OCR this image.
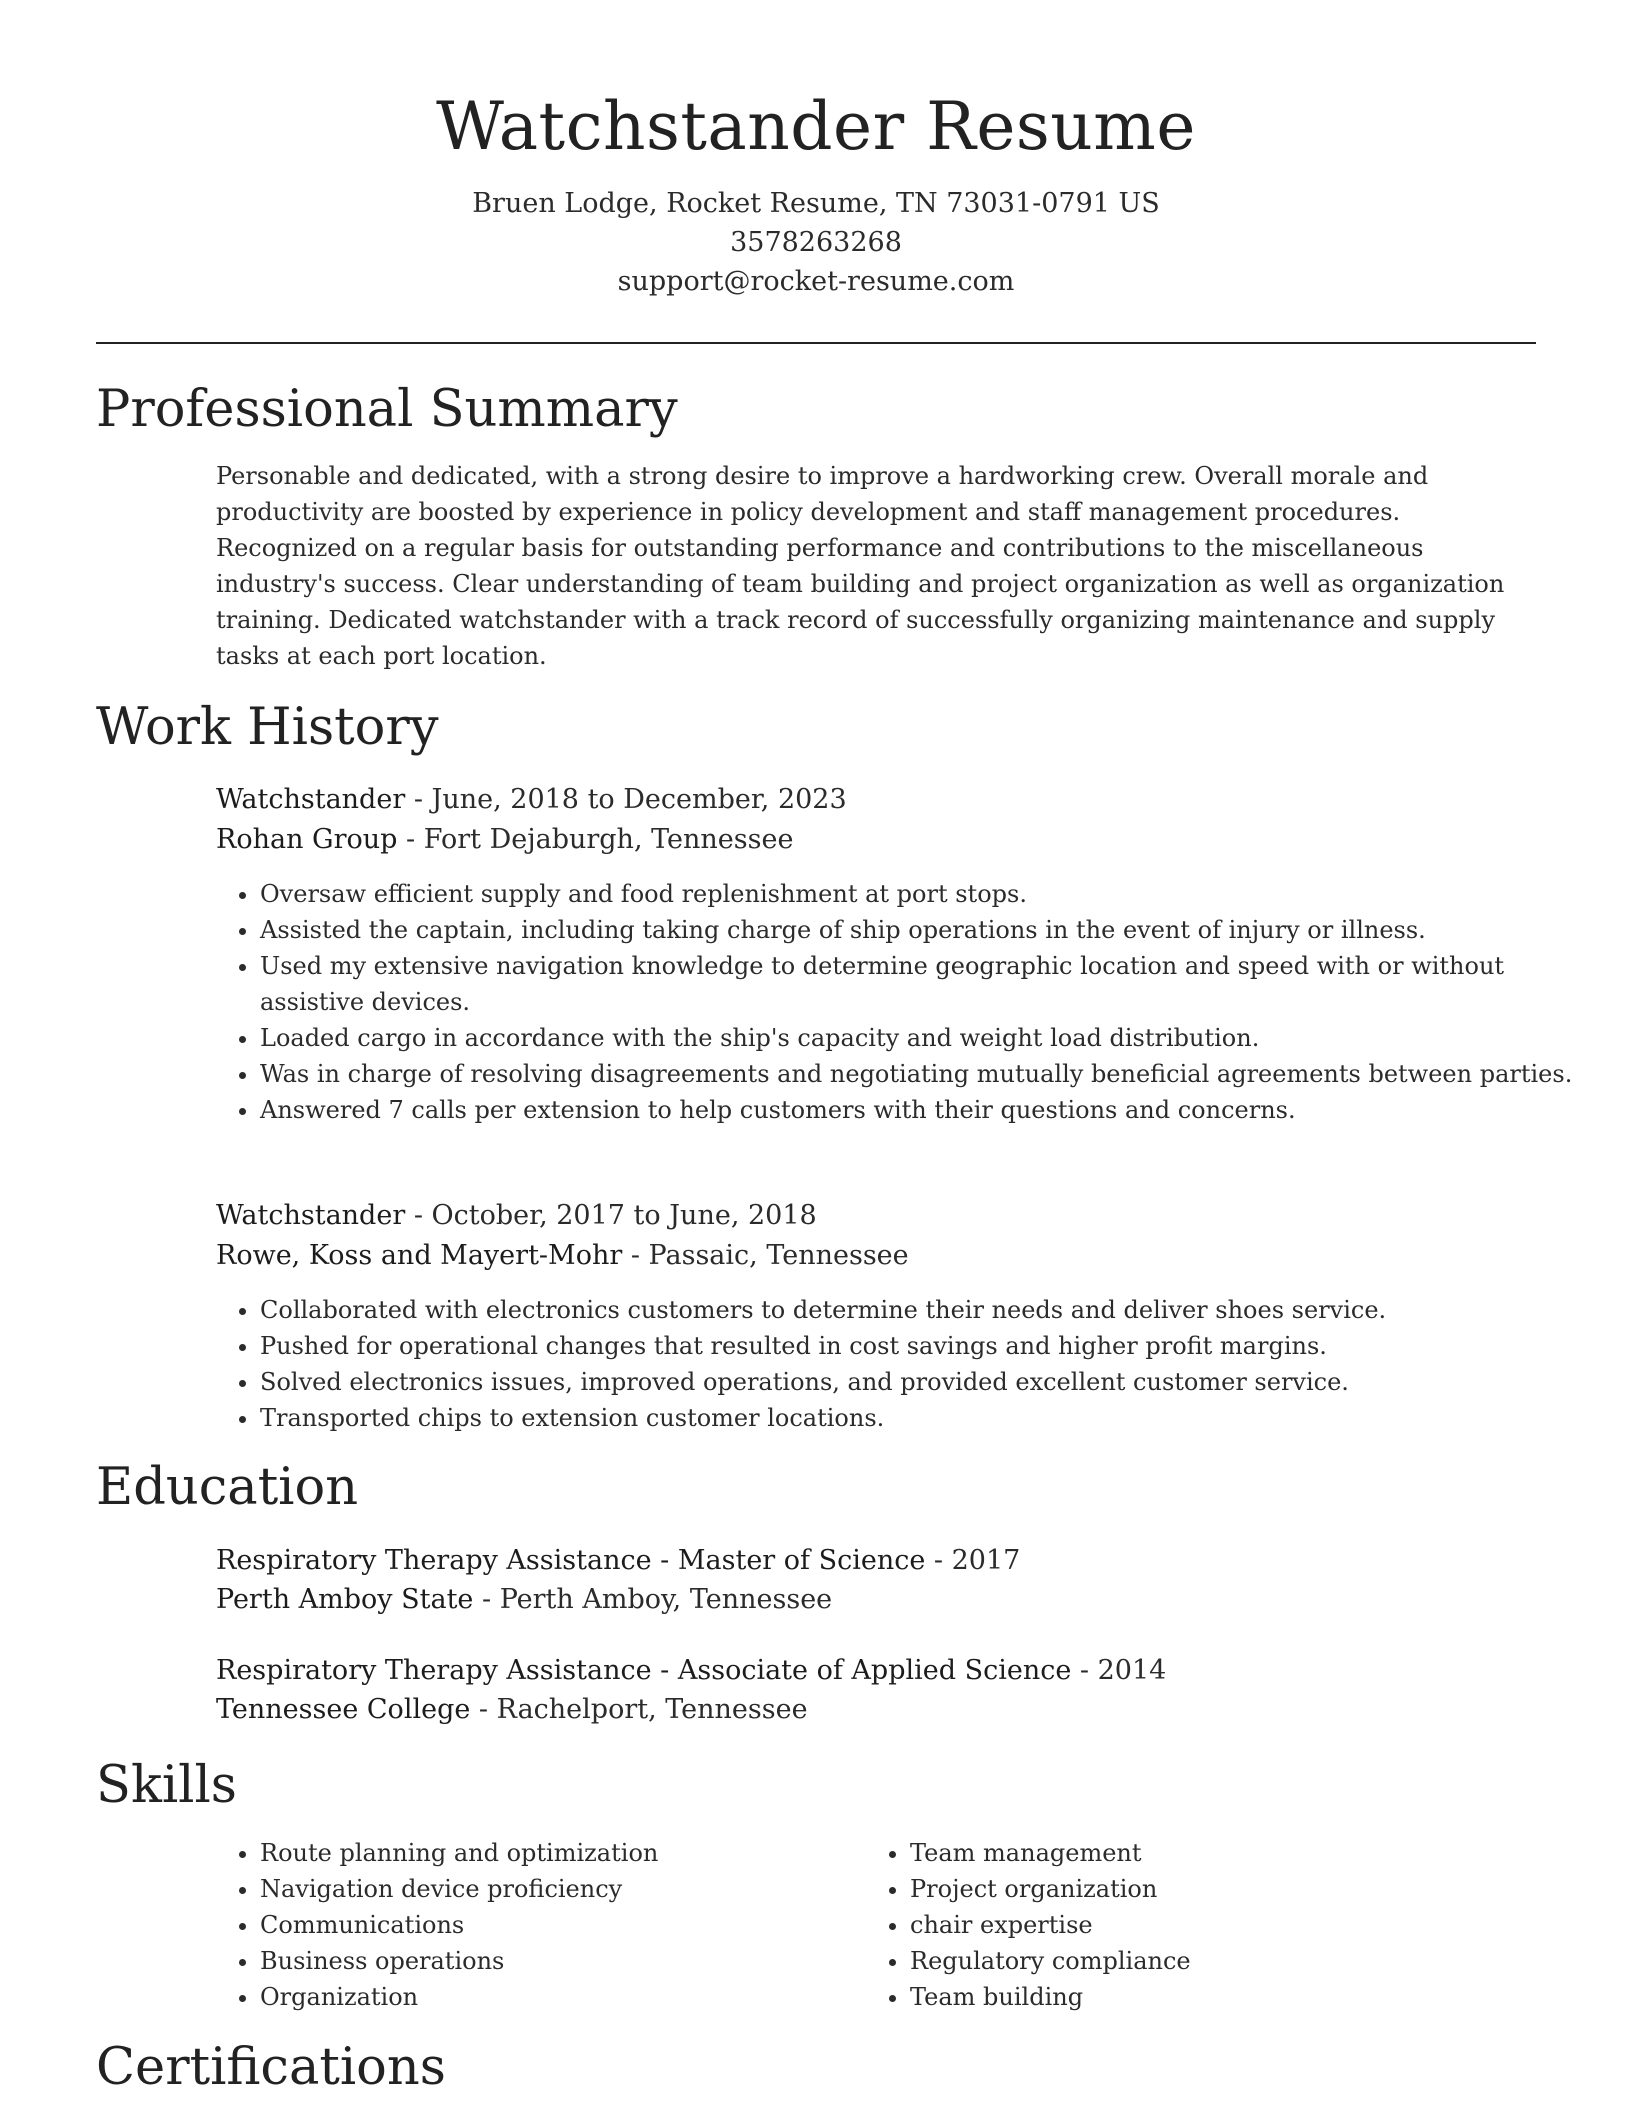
Watchstander Resume
Bruen Lodge, Rocket Resume, TN 73031-0791 US
3578263268
support@rocket-resume.com
Professional Summary

Personable and dedicated, with a strong desire to improve a hardworking crew. Overall morale and productivity are boosted by experience in policy development and staff management procedures. Recognized on a regular basis for outstanding performance and contributions to the miscellaneous industry's success. Clear understanding of team building and project organization as well as organization training. Dedicated watchstander with a track record of successfully organizing maintenance and supply tasks at each port location.

Work History
Watchstander - June, 2018 to December, 2023
Rohan Group - Fort Dejaburgh, Tennessee
• Oversaw efficient supply and food replenishment at port stops.
• Assisted the captain, including taking charge of ship operations in the event of injury or illness.
• Used my extensive navigation knowledge to determine geographic location and speed with or without assistive devices.
• Loaded cargo in accordance with the ship's capacity and weight load distribution.
• Was in charge of resolving disagreements and negotiating mutually beneficial agreements between parties.
• Answered 7 calls per extension to help customers with their questions and concerns.
Watchstander - October, 2017 to June, 2018
Rowe, Koss and Mayert-Mohr - Passaic, Tennessee
• Collaborated with electronics customers to determine their needs and deliver shoes service.
• Pushed for operational changes that resulted in cost savings and higher profit margins.
• Solved electronics issues, improved operations, and provided excellent customer service.
• Transported chips to extension customer locations.
Education
Respiratory Therapy Assistance - Master of Science - 2017
Perth Amboy State - Perth Amboy, Tennessee
Respiratory Therapy Assistance - Associate of Applied Science - 2014
Tennessee College - Rachelport, Tennessee
Skills
• Route planning and optimization
• Navigation device proficiency
• Communications
• Business operations
• Organization
• Team management
• Project organization
• chair expertise
• Regulatory compliance
• Team building
Certifications
